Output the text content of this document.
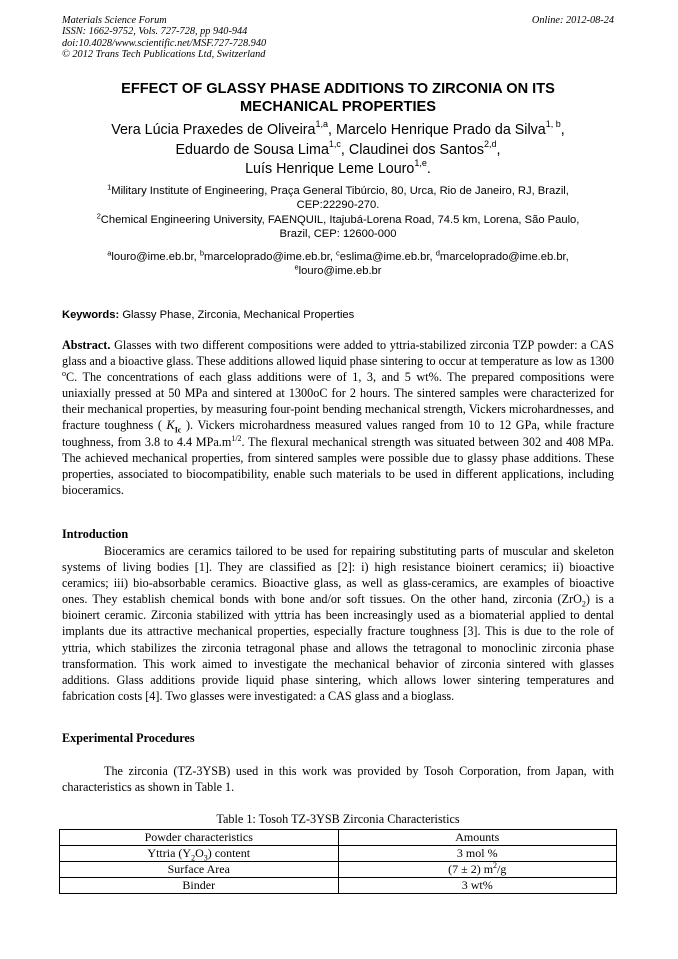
Materials Science Forum
ISSN: 1662-9752, Vols. 727-728, pp 940-944
doi:10.4028/www.scientific.net/MSF.727-728.940
© 2012 Trans Tech Publications Ltd, Switzerland
Online: 2012-08-24
EFFECT OF GLASSY PHASE ADDITIONS TO ZIRCONIA ON ITS
MECHANICAL PROPERTIES
Vera Lúcia Praxedes de Oliveira$^{1,a}$, Marcelo Henrique Prado da Silva$^{1, b}$,
Eduardo de Sousa Lima$^{1,c}$, Claudinei dos Santos$^{2,d}$,
Luís Henrique Leme Louro$^{1,e}$.
$^1$Military Institute of Engineering, Praça General Tibúrcio, 80, Urca, Rio de Janeiro, RJ, Brazil,
CEP:22290-270.
$^2$Chemical Engineering University, FAENQUIL, Itajubá-Lorena Road, 74.5 km, Lorena, São Paulo,
Brazil, CEP: 12600-000
$^a$louro@ime.eb.br, $^b$marceloprado@ime.eb.br, $^c$eslima@ime.eb.br, $^d$marceloprado@ime.eb.br,
$^e$louro@ime.eb.br
Keywords: Glassy Phase, Zirconia, Mechanical Properties
Abstract. Glasses with two different compositions were added to yttria-stabilized zirconia TZP powder: a CAS glass and a bioactive glass. These additions allowed liquid phase sintering to occur at temperature as low as 1300 $^o$C. The concentrations of each glass additions were of 1, 3, and 5 wt%. The prepared compositions were uniaxially pressed at 50 MPa and sintered at 1300oC for 2 hours. The sintered samples were characterized for their mechanical properties, by measuring four-point bending mechanical strength, Vickers microhardnesses, and fracture toughness ( $K_{Ic}$ ). Vickers microhardness measured values ranged from 10 to 12 GPa, while fracture toughness, from 3.8 to 4.4 $MPa.m^{1/2}$. The flexural mechanical strength was situated between 302 and 408 MPa. The achieved mechanical properties, from sintered samples were possible due to glassy phase additions. These properties, associated to biocompatibility, enable such materials to be used in different applications, including bioceramics.
Introduction
Bioceramics are ceramics tailored to be used for repairing substituting parts of muscular and skeleton systems of living bodies [1]. They are classified as [2]: i) high resistance bioinert ceramics; ii) bioactive ceramics; iii) bio-absorbable ceramics. Bioactive glass, as well as glass-ceramics, are examples of bioactive ones. They establish chemical bonds with bone and/or soft tissues. On the other hand, zirconia (ZrO$_2$) is a bioinert ceramic. Zirconia stabilized with yttria has been increasingly used as a biomaterial applied to dental implants due its attractive mechanical properties, especially fracture toughness [3]. This is due to the role of yttria, which stabilizes the zirconia tetragonal phase and allows the tetragonal to monoclinic zirconia phase transformation. This work aimed to investigate the mechanical behavior of zirconia sintered with glasses additions. Glass additions provide liquid phase sintering, which allows lower sintering temperatures and fabrication costs [4]. Two glasses were investigated: a CAS glass and a bioglass.
Experimental Procedures
The zirconia (TZ-3YSB) used in this work was provided by Tosoh Corporation, from Japan, with characteristics as shown in Table 1.
Table 1: Tosoh TZ-3YSB Zirconia Characteristics
Powder characteristics	Amounts
Yttria $(Y_2O_3)$ content	3 mol %
Surface Area	(7 ± 2) $m^2/g$
Binder	3 wt%
